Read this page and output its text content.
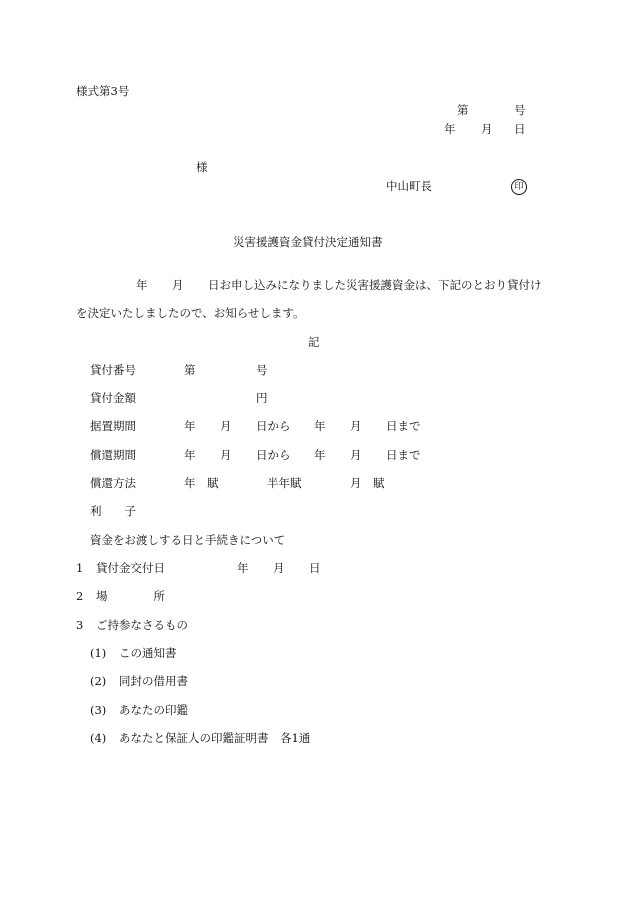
様式第3号
第	号
年 月 日
様
中山町長	印
災害援護資金貸付決定通知書
年 月 日お申し込みになりました災害援護資金は、下記のとおり貸付け
を決定いたしましたので、お知らせします。
記
貸付番号	第	号
貸付金額	円
据置期間	年 月 日から 年 月 日まで
償還期間	年 月 日から 年 月 日まで
償還方法	年　賦	半年賦	月　賦
利　　子
資金をお渡しする日と手続きについて
1 貸付金交付日	年 月 日
2 場　　　　所
3 ご持参なさるもの
(1) この通知書
(2) 同封の借用書
(3) あなたの印鑑
(4) あなたと保証人の印鑑証明書　各1通
